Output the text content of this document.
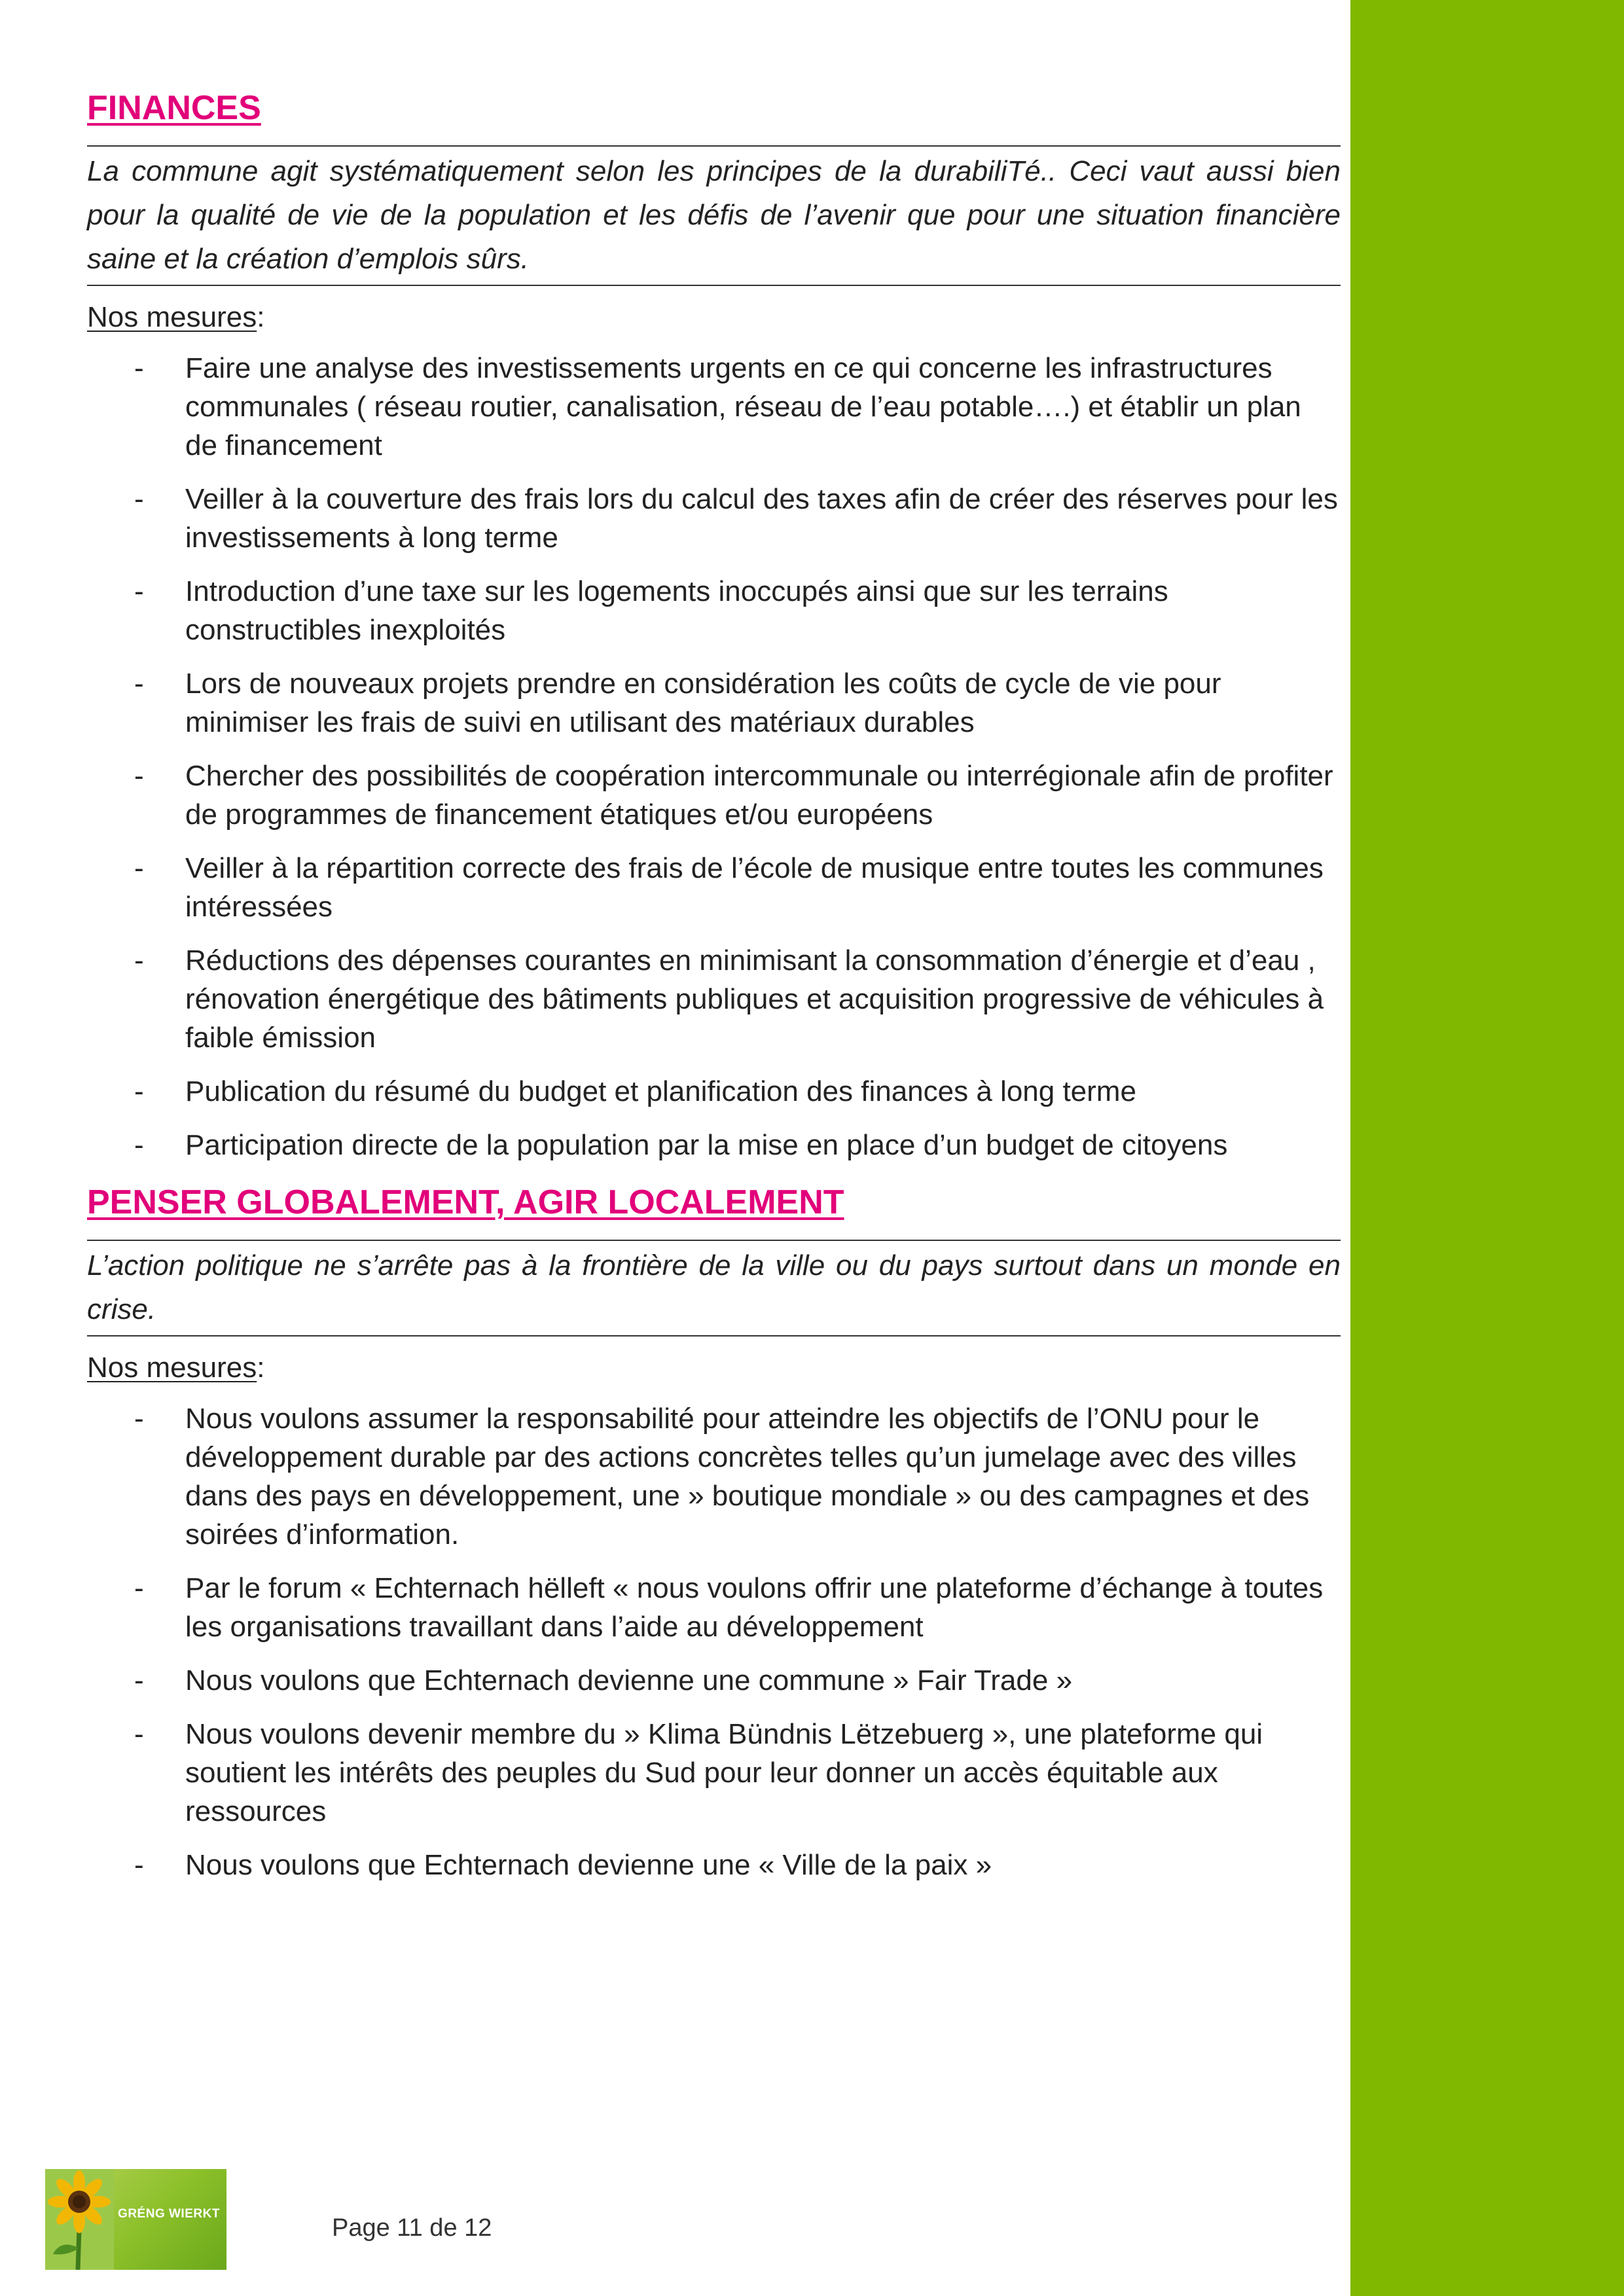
FINANCES

La commune agit systématiquement selon les principes de la durabiliTé.. Ceci vaut aussi bien pour la qualité de vie de la population et les défis de l’avenir que pour une situation financière saine et la création d’emplois sûrs.

Nos mesures:

- Faire une analyse des investissements urgents en ce qui concerne les infrastructures communales ( réseau routier, canalisation, réseau de l’eau potable….) et établir un plan de financement
- Veiller à la couverture des frais lors du calcul des taxes afin de créer des réserves pour les investissements à long terme
- Introduction d’une taxe sur les logements inoccupés ainsi que sur les terrains constructibles inexploités
- Lors de nouveaux projets prendre en considération les coûts de cycle de vie pour minimiser les frais de suivi en utilisant des matériaux durables
- Chercher des possibilités de coopération intercommunale ou interrégionale afin de profiter de programmes de financement étatiques et/ou européens
- Veiller à la répartition correcte des frais de l’école de musique entre toutes les communes intéressées
- Réductions des dépenses courantes en minimisant la consommation d’énergie et d’eau , rénovation énergétique des bâtiments publiques et acquisition progressive de véhicules à faible émission
- Publication du résumé du budget et planification des finances à long terme
- Participation directe de la population par la mise en place d’un budget de citoyens
PENSER GLOBALEMENT, AGIR LOCALEMENT

L’action politique ne s’arrête pas à la frontière de la ville ou du pays surtout dans un monde en crise.

Nos mesures:

- Nous voulons assumer la responsabilité pour atteindre les objectifs de l’ONU pour le développement durable par des actions concrètes telles qu’un jumelage avec des villes dans des pays en développement, une » boutique mondiale » ou des campagnes et des soirées d’information.
- Par le forum « Echternach hëlleft « nous voulons offrir une plateforme d’échange à toutes les organisations travaillant dans l’aide au développement
- Nous voulons que Echternach devienne une commune » Fair Trade »
- Nous voulons devenir membre du » Klima Bündnis Lëtzebuerg », une plateforme qui soutient les intérêts des peuples du Sud pour leur donner un accès équitable aux ressources
- Nous voulons que Echternach devienne une « Ville de la paix »
GRÉNG WIERKT
Page 11 de 12
